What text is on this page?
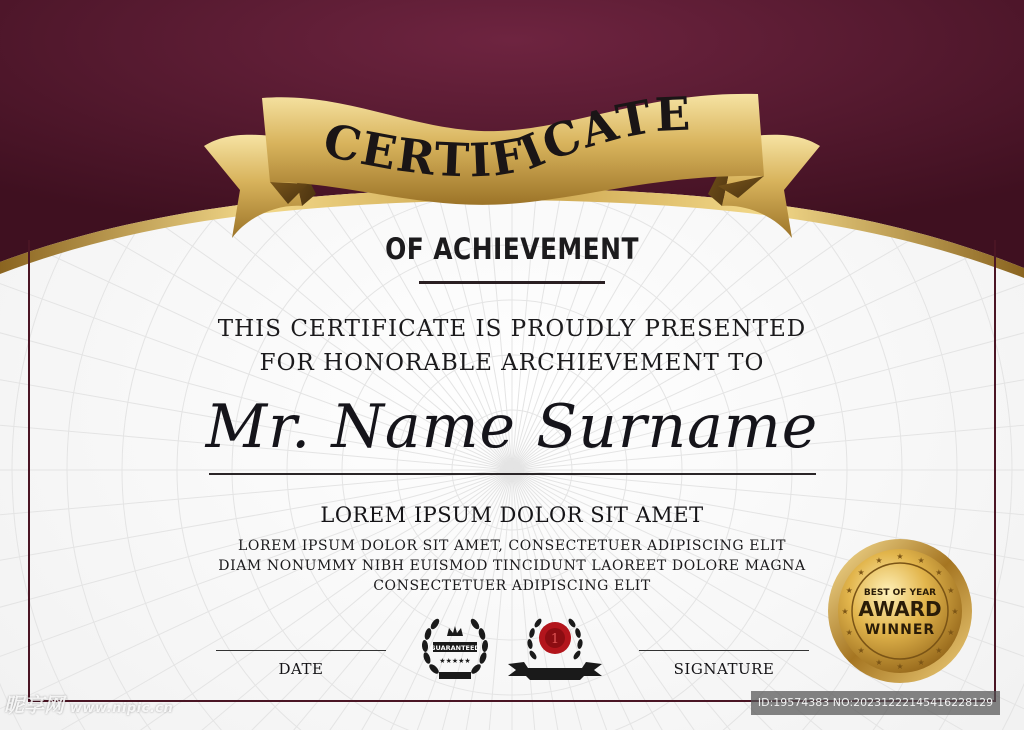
CERTIFICATE
OF ACHIEVEMENT
THIS CERTIFICATE IS PROUDLY PRESENTED
FOR HONORABLE ARCHIEVEMENT TO
Mr. Name Surname
LOREM IPSUM DOLOR SIT AMET
LOREM IPSUM DOLOR SIT AMET, CONSECTETUER ADIPISCING ELIT
DIAM NONUMMY NIBH EUISMOD TINCIDUNT LAOREET DOLORE MAGNA
CONSECTETUER ADIPISCING ELIT
DATE	SIGNATURE
GUARANTEED
★★★★★
1
★
★
★
★
★
★
★
★
★
★
★
★ ★ ★
★
★
BEST OF YEAR
AWARD
WINNER
昵享网 www.nipic.cn	ID:19574383 NO:20231222145416228129
